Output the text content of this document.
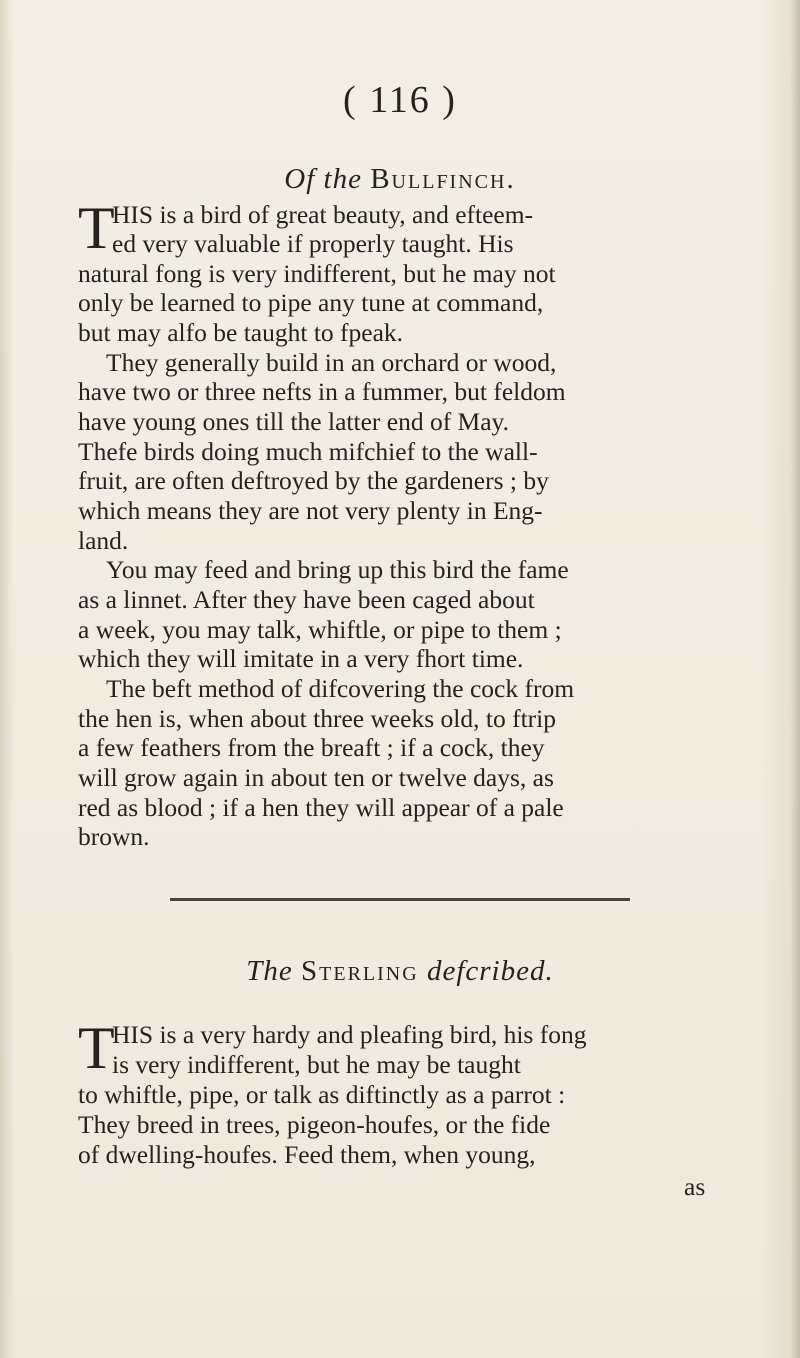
( 116 )
Of the Bullfinch.
T
HIS is a bird of great beauty, and efteem-
ed very valuable if properly taught. His
natural fong is very indifferent, but he may not
only be learned to pipe any tune at command,
but may alfo be taught to fpeak.
They generally build in an orchard or wood,
have two or three nefts in a fummer, but feldom
have young ones till the latter end of May.
Thefe birds doing much mifchief to the wall-
fruit, are often deftroyed by the gardeners ; by
which means they are not very plenty in Eng-
land.
You may feed and bring up this bird the fame
as a linnet. After they have been caged about
a week, you may talk, whiftle, or pipe to them ;
which they will imitate in a very fhort time.
The beft method of difcovering the cock from
the hen is, when about three weeks old, to ftrip
a few feathers from the breaft ; if a cock, they
will grow again in about ten or twelve days, as
red as blood ; if a hen they will appear of a pale
brown.
The Sterling defcribed.
T
HIS is a very hardy and pleafing bird, his fong
is very indifferent, but he may be taught
to whiftle, pipe, or talk as diftinctly as a parrot :
They breed in trees, pigeon-houfes, or the fide
of dwelling-houfes. Feed them, when young,
as
